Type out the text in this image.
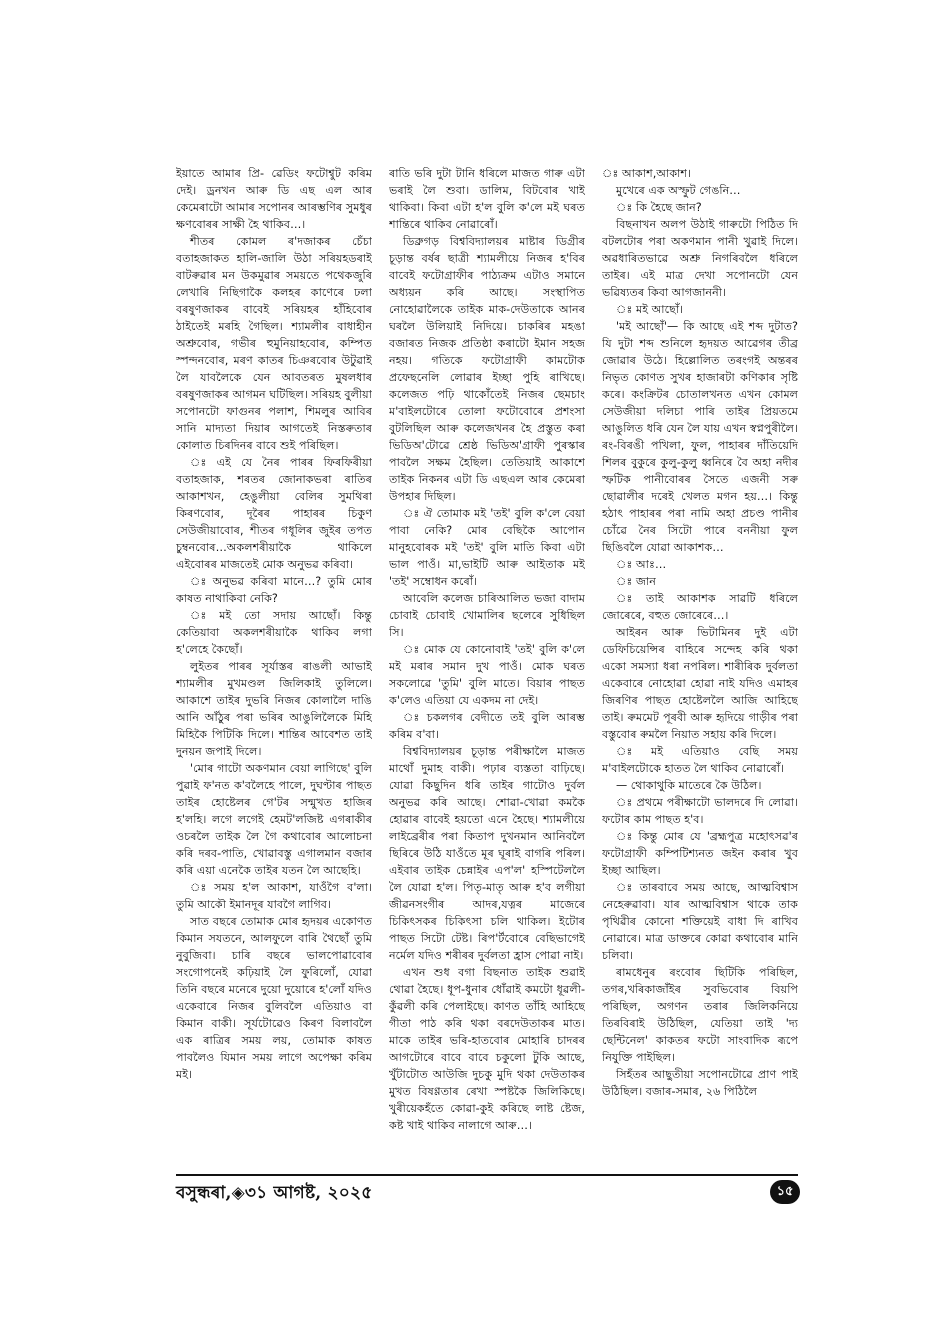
ইয়াতে আমাৰ প্ৰি- ৱেডিং ফটোশ্বুট কৰিম দেই। ড্ৰনখন আৰু ডি এছ এল আৰ কেমেৰাটো আমাৰ সপোনৰ আৰম্ভণিৰ সুমধুৰ ক্ষণবোৰৰ সাক্ষী হৈ থাকিব…।

শীতৰ কোমল ৰ'দজাকৰ চেঁচা বতাহজাকত হালি-জালি উঠা সৰিয়হডৰাই বাটৰুৱাৰ মন উকমুৱাৰ সময়তে পথেকজুৰি লেখাৰি নিছিগাকৈ কলহৰ কাণেৰে ঢলা বৰষুণজাকৰ বাবেই সৰিয়হৰ হাঁহিবোৰ ঠাইতেই মৰহি গৈছিল। শ্যামলীৰ বাধাহীন অশ্ৰুবোৰ, গভীৰ হুমুনিয়াহবোৰ, কম্পিত স্পন্দনবোৰ, মৰণ কাতৰ চিঞৰবোৰ উটুৱাই লৈ যাবলৈকে যেন আবতৰত মুষলধাৰ বৰষুণজাকৰ আগমন ঘটিছিল। সৰিয়হ বুলীয়া সপোনটো ফাগুনৰ পলাশ, শিমলুৰ আবিৰ সানি মাদ্যতা দিয়াৰ আগতেই নিস্তৰুতাৰ কোলাত চিৰদিনৰ বাবে শুই পৰিছিল।

ঃ এই যে নৈৰ পাৰৰ ফিৰফিৰীয়া বতাহজাক, শৰতৰ জোনাকভৰা ৰাতিৰ আকাশখন, হেঙুলীয়া বেলিৰ সুমথিৰা কিৰণবোৰ, দূৰৈৰ পাহাৰৰ চিকুণ সেউজীয়াবোৰ, শীতৰ গধূলিৰ জুইৰ তপত চুম্বনবোৰ…অকলশৰীয়াকৈ থাকিলে এইবোৰৰ মাজতেই মোক অনুভৱ কৰিবা।

ঃ অনুভৱ কৰিবা মানে…? তুমি মোৰ কাষত নাথাকিবা নেকি?

ঃ মই তো সদায় আছোঁ। কিন্তু কেতিয়াবা অকলশৰীয়াকৈ থাকিব লগা হ'লেহে কৈছোঁ।

লুইতৰ পাৰৰ সূৰ্যাস্তৰ ৰাঙলী আভাই শ্যামলীৰ মুখমণ্ডল জিলিকাই তুলিলে। আকাশে তাইৰ দুভৰি নিজৰ কোলালৈ দাঙি আনি আঁঠুৰ পৰা ভৰিৰ আঙুলিলৈকে মিহি মিহিকৈ পিটিকি দিলে। শান্তিৰ আবেশত তাই দুনয়ন জপাই দিলে।

'মোৰ গাটো অকণমান বেয়া লাগিছে' বুলি পুৱাই ফ'নত ক'বলৈহে পালে, দুঘণ্টাৰ পাছত তাইৰ হোষ্টেলৰ গে'টৰ সন্মুখত হাজিৰ হ'লহি। লগে লগেই হেমট'লজিষ্ট এগৰাকীৰ ওচৰলৈ তাইক লৈ গৈ কথাবোৰ আলোচনা কৰি দৰব-পাতি, খোৱাবস্তু এগালমান বজাৰ কৰি এয়া এনেকৈ তাইৰ যতন লৈ আছেহি।

ঃ সময় হ'ল আকাশ, যাওঁগৈ ব'লা। তুমি আকৌ ইমানদূৰ যাবগৈ লাগিব।

সাত বছৰে তোমাক মোৰ হৃদয়ৰ একোণত কিমান সযতনে, আলফুলে বাৰি থৈছোঁ তুমি নুবুজিবা। চাৰি বছৰে ভালপোৱাবোৰ সংগোপনেই কঢ়িয়াই লৈ ফুৰিলোঁ, যোৱা তিনি বছৰে মনেৰে দুয়ো দুয়োৰে হ'লোঁ যদিও একেবাৰে নিজৰ বুলিবলৈ এতিয়াও বা কিমান বাকী। সূৰ্যটোৱেও কিৰণ বিলাবলৈ এক ৰাত্ৰিৰ সময় লয়, তোমাক কাষত পাবলৈও যিমান সময় লাগে অপেক্ষা কৰিম মই।

ৰাতি ভৰি দুটা টানি ধৰিলে মাজত গাৰু এটা ভৰাই লৈ শুবা। ডালিম, বিটবোৰ খাই থাকিবা। কিবা এটা হ'ল বুলি ক'লে মই ঘৰত শান্তিৰে থাকিব নোৱাৰোঁ।

ডিব্ৰুগড় বিশ্ববিদ্যালয়ৰ মাষ্টাৰ ডিগ্ৰীৰ চূড়ান্ত বৰ্ষৰ ছাত্ৰী শ্যামলীয়ে নিজৰ হ'বিৰ বাবেই ফটোগ্ৰাফীৰ পাঠ্যক্ৰম এটাও সমানে অধ্যয়ন কৰি আছে। সংস্থাপিত নোহোৱালৈকে তাইক মাক-দেউতাকে আনৰ ঘৰলৈ উলিয়াই নিদিয়ে। চাকৰিৰ মহঙা বজাৰত নিজক প্ৰতিষ্ঠা কৰাটো ইমান সহজ নহয়। গতিকে ফটোগ্ৰাফী কামটোক প্ৰফেছনেলি লোৱাৰ ইচ্ছা পুহি ৰাখিছে। কলেজত পঢ়ি থাকোঁতেই নিজৰ ছেমচাং ম'বাইলটোৰে তোলা ফটোবোৰে প্ৰশংসা বুটলিছিল আৰু কলেজখনৰ হৈ প্ৰস্তুত কৰা ভিডিঅ'টোৱে শ্ৰেষ্ঠ ভিডিঅ'গ্ৰাফী পুৰস্কাৰ পাবলৈ সক্ষম হৈছিল। তেতিয়াই আকাশে তাইক নিকনৰ এটা ডি এছএল আৰ কেমেৰা উপহাৰ দিছিল।

ঃ ঐ তোমাক মই 'তই' বুলি ক'লে বেয়া পাবা নেকি? মোৰ বেছিকৈ আপোন মানুহবোৰক মই 'তই' বুলি মাতি কিবা এটা ভাল পাওঁ। মা,ভাইটি আৰু আইতাক মই 'তই' সম্বোধন কৰোঁ।

আবেলি কলেজ চাৰিআলিত ভজা বাদাম চোবাই চোবাই খোমালিৰ ছলেৰে সুধিছিল সি।

ঃ মোক যে কোনোবাই 'তই' বুলি ক'লে মই মৰাৰ সমান দুখ পাওঁ। মোক ঘৰত সকলোৱে 'তুমি' বুলি মাতে। বিয়াৰ পাছত ক'লেও এতিয়া যে একদম না দেই।

ঃ চকলগৰ বেদীতে তই বুলি আৰম্ভ কৰিম ব'বা।

বিশ্ববিদ্যালয়ৰ চূড়ান্ত পৰীক্ষালৈ মাজত মাথোঁ দুমাহ বাকী। পঢ়াৰ ব্যস্ততা বাঢ়িছে। যোৱা কিছুদিন ধৰি তাইৰ গাটোও দুৰ্বল অনুভৱ কৰি আছে। শোৱা-খোৱা কমকৈ হোৱাৰ বাবেই হয়তো এনে হৈছে। শ্যামলীয়ে লাইব্ৰেৰীৰ পৰা কিতাপ দুখনমান আনিবলৈ ছিৰিৰে উঠি যাওঁতে মূৰ ঘূৰাই বাগৰি পৰিল। এইবাৰ তাইক চেন্নাইৰ এপ'ল' হস্পিটেললৈ লৈ যোৱা হ'ল। পিতৃ-মাতৃ আৰু হ'ব লগীয়া জীৱনসংগীৰ আদৰ,যত্নৰ মাজেৰে চিকিৎসকৰ চিকিৎসা চলি থাকিল। ইটোৰ পাছত সিটো টেষ্ট। ৰিপ'ৰ্টবোৰে বেছিভাগেই নৰ্মেল যদিও শৰীৰৰ দুৰ্বলতা হ্ৰাস পোৱা নাই।

এখন শুধ বগা বিছনাত তাইক শুৱাই থোৱা হৈছে। ধূপ-ধুনাৰ ধোঁৱাই কমটো ধূৱলী-কুঁৱলী কৰি পেলাইছে। কাণত তাঁহি আহিছে গীতা পাঠ কৰি থকা বৰদেউতাকৰ মাত। মাকে তাইৰ ভৰি-হাতবোৰ মোহাৰি চাদৰৰ আগটোৰে বাবে বাবে চকুলো টুকি আছে, খুঁটাটোত আউজি দুচকু মুদি থকা দেউতাকৰ মুখত বিষণ্ণতাৰ ৰেখা স্পষ্টকৈ জিলিকিছে। খুৰীয়েকহঁতে কোৱা-কুই কৰিছে লাষ্ট ষ্টেজ, কষ্ট খাই থাকিব নালাগে আৰু…।

ঃ আকাশ,আকাশ।

মুখেৰে এক অস্ফুট গেঙনি…

ঃ কি হৈছে জান?

বিছনাখন অলপ উঠাই গাৰুটো পিঠিত দি বটলটোৰ পৰা অকণমান পানী খুৱাই দিলে। অৱধাৰিতভাৱে অশ্ৰু নিগৰিবলৈ ধৰিলে তাইৰ। এই মাত্ৰ দেখা সপোনটো যেন ভৱিষ্যতৰ কিবা আগজাননী।

ঃ মই আছোঁ।

'মই আছোঁ'— কি আছে এই শব্দ দুটাত? যি দুটা শব্দ শুনিলে হৃদয়ত আৱেগৰ তীব্ৰ জোৱাৰ উঠে। হিল্লোলিত তৰংগই অন্তৰৰ নিভৃত কোণত সুখৰ হাজাৰটা কণিকাৰ সৃষ্টি কৰে। কংক্ৰিটৰ চোতালখনত এখন কোমল সেউজীয়া দলিচা পাৰি তাইৰ প্ৰিয়তমে আঙুলিত ধৰি যেন লৈ যায় এখন স্বপ্নপুৰীলৈ। ৰং-বিৰঙী পখিলা, ফুল, পাহাৰৰ দাঁতিয়েদি শিলৰ বুকুৰে কুলু-কুলু ধ্বনিৰে বৈ অহা নদীৰ স্ফটিক পানীবোৰৰ সৈতে এজনী সৰু ছোৱালীৰ দৰেই খেলত মগন হয়…। কিন্তু হঠাৎ পাহাৰৰ পৰা নামি অহা প্ৰচণ্ড পানীৰ চোঁৱে নৈৰ সিটো পাৰে বননীয়া ফুল ছিঙিবলৈ যোৱা আকাশক…

ঃ আঃ…

ঃ জান

ঃ তাই আকাশক সাৱটি ধৰিলে জোৰেৰে, বহুত জোৰেৰে…।

আইৰন আৰু ভিটামিনৰ দুই এটা ডেফিচিয়েন্সিৰ বাহিৰে সন্দেহ কৰি থকা একো সমস্যা ধৰা নপৰিল। শাৰীৰিক দুৰ্বলতা একেবাৰে নোহোৱা হোৱা নাই যদিও এমাহৰ জিৰণিৰ পাছত হোষ্টেললৈ আজি আহিছে তাই। ৰুমমেট পূৰবী আৰু হৃদিয়ে গাড়ীৰ পৰা বস্তুবোৰ ৰুমলৈ নিয়াত সহায় কৰি দিলে।

ঃ মই এতিয়াও বেছি সময় ম'বাইলটোকে হাতত লৈ থাকিব নোৱাৰোঁ।

— থোকাথুকি মাতেৰে কৈ উঠিল।

ঃ প্ৰথমে পৰীক্ষাটো ভালদৰে দি লোৱা। ফটোৰ কাম পাছত হ'ব।

ঃ কিন্তু মোৰ যে 'ব্ৰহ্মপুত্ৰ মহোৎসৱ'ৰ ফটোগ্ৰাফী কম্পিটিশ্যনত জইন কৰাৰ খুব ইচ্ছা আছিল।

ঃ তাৰবাবে সময় আছে, আত্মবিশ্বাস নেহেৰুৱাবা। যাৰ আত্মবিশ্বাস থাকে তাক পৃথিৱীৰ কোনো শক্তিয়েই বাধা দি ৰাখিব নোৱাৰে। মাত্ৰ ডাক্তৰে কোৱা কথাবোৰ মানি চলিবা।

ৰামধেনুৰ ৰংবোৰ ছিটিকি পৰিছিল, তগৰ,খৰিকাজাঁইৰ সুবভিবোৰ বিয়পি পৰিছিল, অগণন তৰাৰ জিলিকনিয়ে তিৰবিৰাই উঠিছিল, যেতিয়া তাই 'দ্য ছেন্টিনেল' কাকতৰ ফটো সাংবাদিক ৰূপে নিযুক্তি পাইছিল।

সিহঁতৰ আছুতীয়া সপোনটোৱে প্ৰাণ পাই উঠিছিল। বজাৰ-সমাৰ, ২৬ পিঠিলৈ

বসুন্ধৰা,◈৩১ আগষ্ট, ২০২৫	১৫
